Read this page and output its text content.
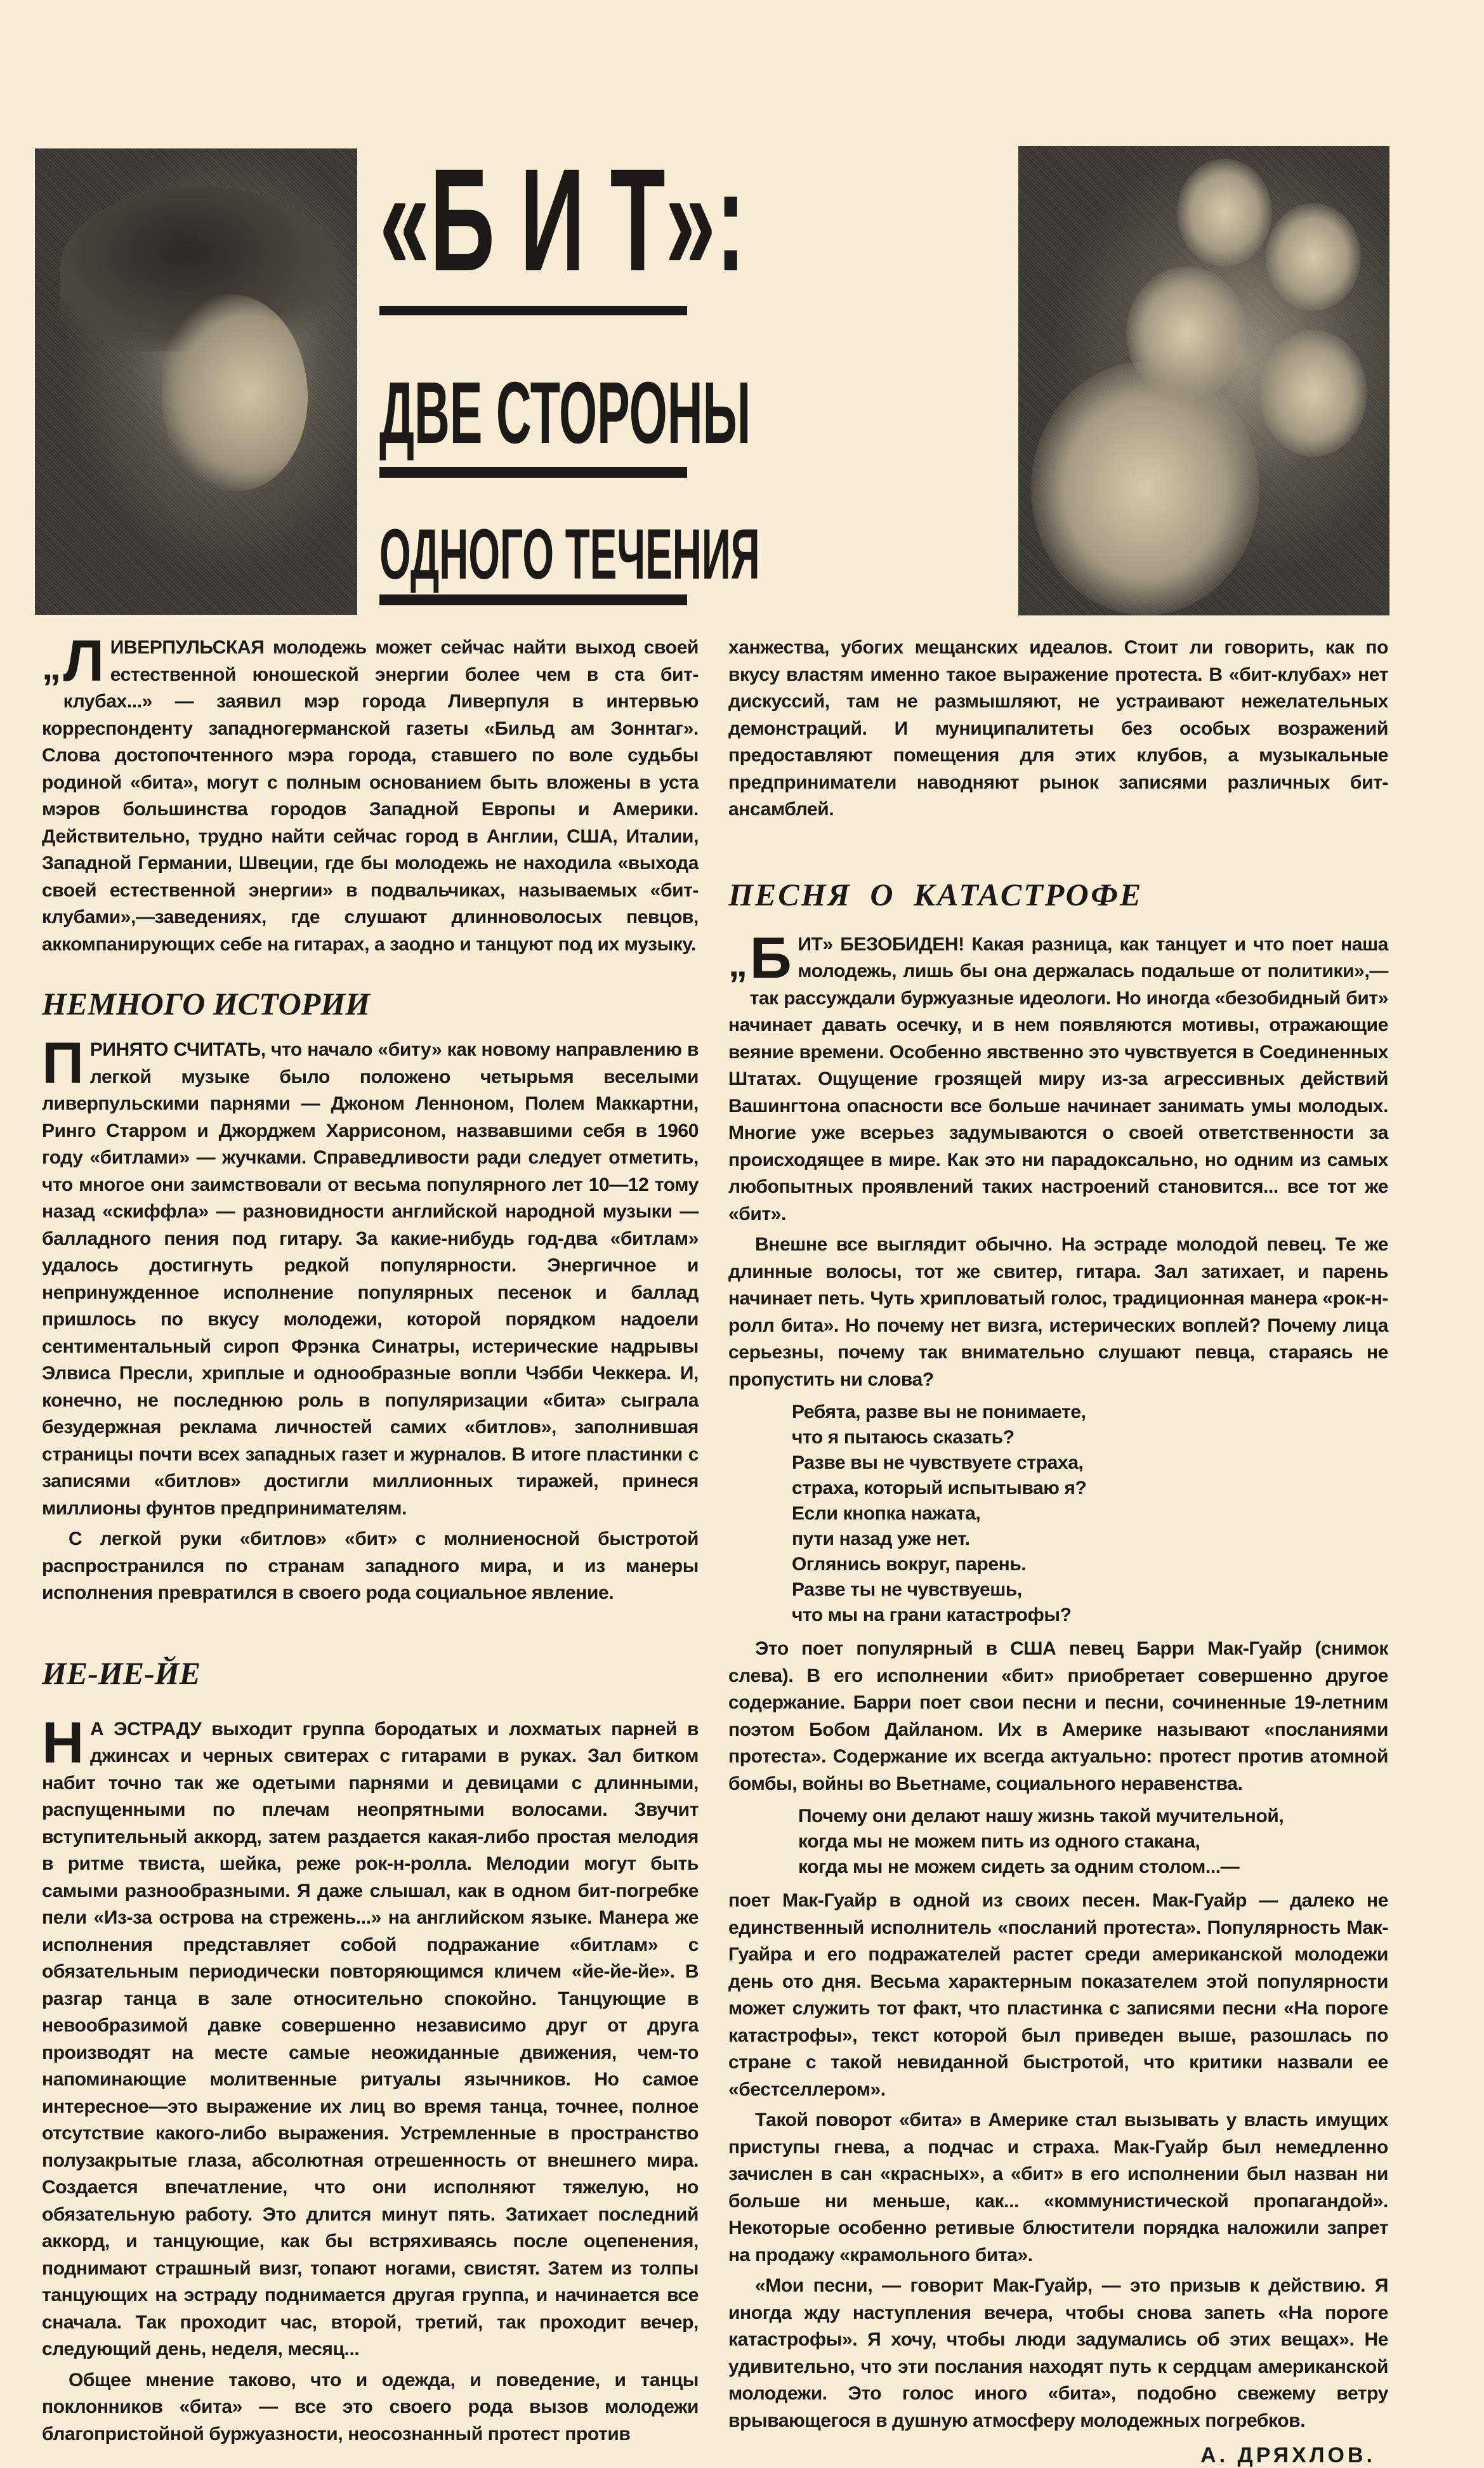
«Б И Т»:
ДВЕ СТОРОНЫ
ОДНОГО ТЕЧЕНИЯ

„ Л ИВЕРПУЛЬСКАЯ молодежь может сейчас найти выход своей естественной юношеской энергии более чем в ста бит-клубах...» — заявил мэр города Ливерпуля в интервью корреспонденту западногерманской газеты «Бильд ам Зоннтаг». Слова достопочтенного мэра города, ставшего по воле судьбы родиной «бита», могут с полным основанием быть вложены в уста мэров большинства городов Западной Европы и Америки. Действительно, трудно найти сейчас город в Англии, США, Италии, Западной Германии, Швеции, где бы молодежь не находила «выхода своей естественной энергии» в подвальчиках, называемых «бит-клубами»,—заведениях, где слушают длинноволосых певцов, аккомпанирующих себе на гитарах, а заодно и танцуют под их музыку.

НЕМНОГО ИСТОРИИ

П РИНЯТО СЧИТАТЬ, что начало «биту» как новому направлению в легкой музыке было положено четырьмя веселыми ливерпульскими парнями — Джоном Ленноном, Полем Маккартни, Ринго Старром и Джорджем Харрисоном, назвавшими себя в 1960 году «битлами» — жучками. Справедливости ради следует отметить, что многое они заимствовали от весьма популярного лет 10—12 тому назад «скиффла» — разновидности английской народной музыки — балладного пения под гитару. За какие-нибудь год-два «битлам» удалось достигнуть редкой популярности. Энергичное и непринужденное исполнение популярных песенок и баллад пришлось по вкусу молодежи, которой порядком надоели сентиментальный сироп Фрэнка Синатры, истерические надрывы Элвиса Пресли, хриплые и однообразные вопли Чэбби Чеккера. И, конечно, не последнюю роль в популяризации «бита» сыграла безудержная реклама личностей самих «битлов», заполнившая страницы почти всех западных газет и журналов. В итоге пластинки с записями «битлов» достигли миллионных тиражей, принеся миллионы фунтов предпринимателям.

С легкой руки «битлов» «бит» с молниеносной быстротой распространился по странам западного мира, и из манеры исполнения превратился в своего рода социальное явление.

ИЕ-ИЕ-ЙЕ

Н А ЭСТРАДУ выходит группа бородатых и лохматых парней в джинсах и черных свитерах с гитарами в руках. Зал битком набит точно так же одетыми парнями и девицами с длинными, распущенными по плечам неопрятными волосами. Звучит вступительный аккорд, затем раздается какая-либо простая мелодия в ритме твиста, шейка, реже рок-н-ролла. Мелодии могут быть самыми разнообразными. Я даже слышал, как в одном бит-погребке пели «Из-за острова на стрежень...» на английском языке. Манера же исполнения представляет собой подражание «битлам» с обязательным периодически повторяющимся кличем «йе-йе-йе». В разгар танца в зале относительно спокойно. Танцующие в невообразимой давке совершенно независимо друг от друга производят на месте самые неожиданные движения, чем-то напоминающие молитвенные ритуалы язычников. Но самое интересное—это выражение их лиц во время танца, точнее, полное отсутствие какого-либо выражения. Устремленные в пространство полузакрытые глаза, абсолютная отрешенность от внешнего мира. Создается впечатление, что они исполняют тяжелую, но обязательную работу. Это длится минут пять. Затихает последний аккорд, и танцующие, как бы встряхиваясь после оцепенения, поднимают страшный визг, топают ногами, свистят. Затем из толпы танцующих на эстраду поднимается другая группа, и начинается все сначала. Так проходит час, второй, третий, так проходит вечер, следующий день, неделя, месяц...

Общее мнение таково, что и одежда, и поведение, и танцы поклонников «бита» — все это своего рода вызов молодежи благопристойной буржуазности, неосознанный протест против

ханжества, убогих мещанских идеалов. Стоит ли говорить, как по вкусу властям именно такое выражение протеста. В «бит-клубах» нет дискуссий, там не размышляют, не устраивают нежелательных демонстраций. И муниципалитеты без особых возражений предоставляют помещения для этих клубов, а музыкальные предприниматели наводняют рынок записями различных бит-ансамблей.

ПЕСНЯ О КАТАСТРОФЕ

„ Б ИТ» БЕЗОБИДЕН! Какая разница, как танцует и что поет наша молодежь, лишь бы она держалась подальше от политики»,—так рассуждали буржуазные идеологи. Но иногда «безобидный бит» начинает давать осечку, и в нем появляются мотивы, отражающие веяние времени. Особенно явственно это чувствуется в Соединенных Штатах. Ощущение грозящей миру из-за агрессивных действий Вашингтона опасности все больше начинает занимать умы молодых. Многие уже всерьез задумываются о своей ответственности за происходящее в мире. Как это ни парадоксально, но одним из самых любопытных проявлений таких настроений становится... все тот же «бит».

Внешне все выглядит обычно. На эстраде молодой певец. Те же длинные волосы, тот же свитер, гитара. Зал затихает, и парень начинает петь. Чуть хрипловатый голос, традиционная манера «рок-н-ролл бита». Но почему нет визга, истерических воплей? Почему лица серьезны, почему так внимательно слушают певца, стараясь не пропустить ни слова?

Ребята, разве вы не понимаете,
что я пытаюсь сказать?
Разве вы не чувствуете страха,
страха, который испытываю я?
Если кнопка нажата,
пути назад уже нет.
Оглянись вокруг, парень.
Разве ты не чувствуешь,
что мы на грани катастрофы?

Это поет популярный в США певец Барри Мак-Гуайр (снимок слева). В его исполнении «бит» приобретает совершенно другое содержание. Барри поет свои песни и песни, сочиненные 19-летним поэтом Бобом Дайланом. Их в Америке называют «посланиями протеста». Содержание их всегда актуально: протест против атомной бомбы, войны во Вьетнаме, социального неравенства.

Почему они делают нашу жизнь такой мучительной,
когда мы не можем пить из одного стакана,
когда мы не можем сидеть за одним столом...—

поет Мак-Гуайр в одной из своих песен. Мак-Гуайр — далеко не единственный исполнитель «посланий протеста». Популярность Мак-Гуайра и его подражателей растет среди американской молодежи день ото дня. Весьма характерным показателем этой популярности может служить тот факт, что пластинка с записями песни «На пороге катастрофы», текст которой был приведен выше, разошлась по стране с такой невиданной быстротой, что критики назвали ее «бестселлером».

Такой поворот «бита» в Америке стал вызывать у власть имущих приступы гнева, а подчас и страха. Мак-Гуайр был немедленно зачислен в сан «красных», а «бит» в его исполнении был назван ни больше ни меньше, как... «коммунистической пропагандой». Некоторые особенно ретивые блюстители порядка наложили запрет на продажу «крамольного бита».

«Мои песни, — говорит Мак-Гуайр, — это призыв к действию. Я иногда жду наступления вечера, чтобы снова запеть «На пороге катастрофы». Я хочу, чтобы люди задумались об этих вещах». Не удивительно, что эти послания находят путь к сердцам американской молодежи. Это голос иного «бита», подобно свежему ветру врывающегося в душную атмосферу молодежных погребков.

А. ДРЯХЛОВ.
